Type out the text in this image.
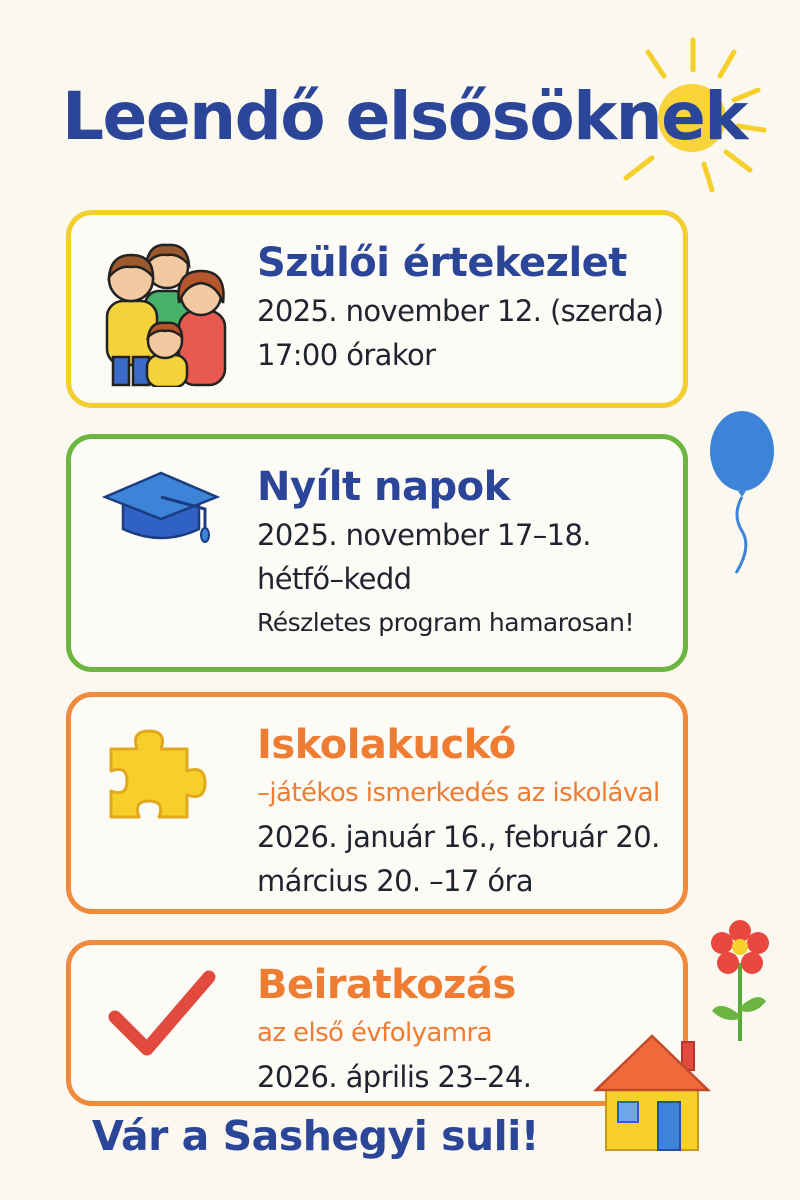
Leendő elsősöknek
Szülői értekezlet
2025. november 12. (szerda)
17:00 órakor
Nyílt napok
2025. november 17–18.
hétfő–kedd
Részletes program hamarosan!
Iskolakuckó
–játékos ismerkedés az iskolával
2026. január 16., február 20.
március 20. –17 óra
Beiratkozás
az első évfolyamra
2026. április 23–24.
Vár a Sashegyi suli!
